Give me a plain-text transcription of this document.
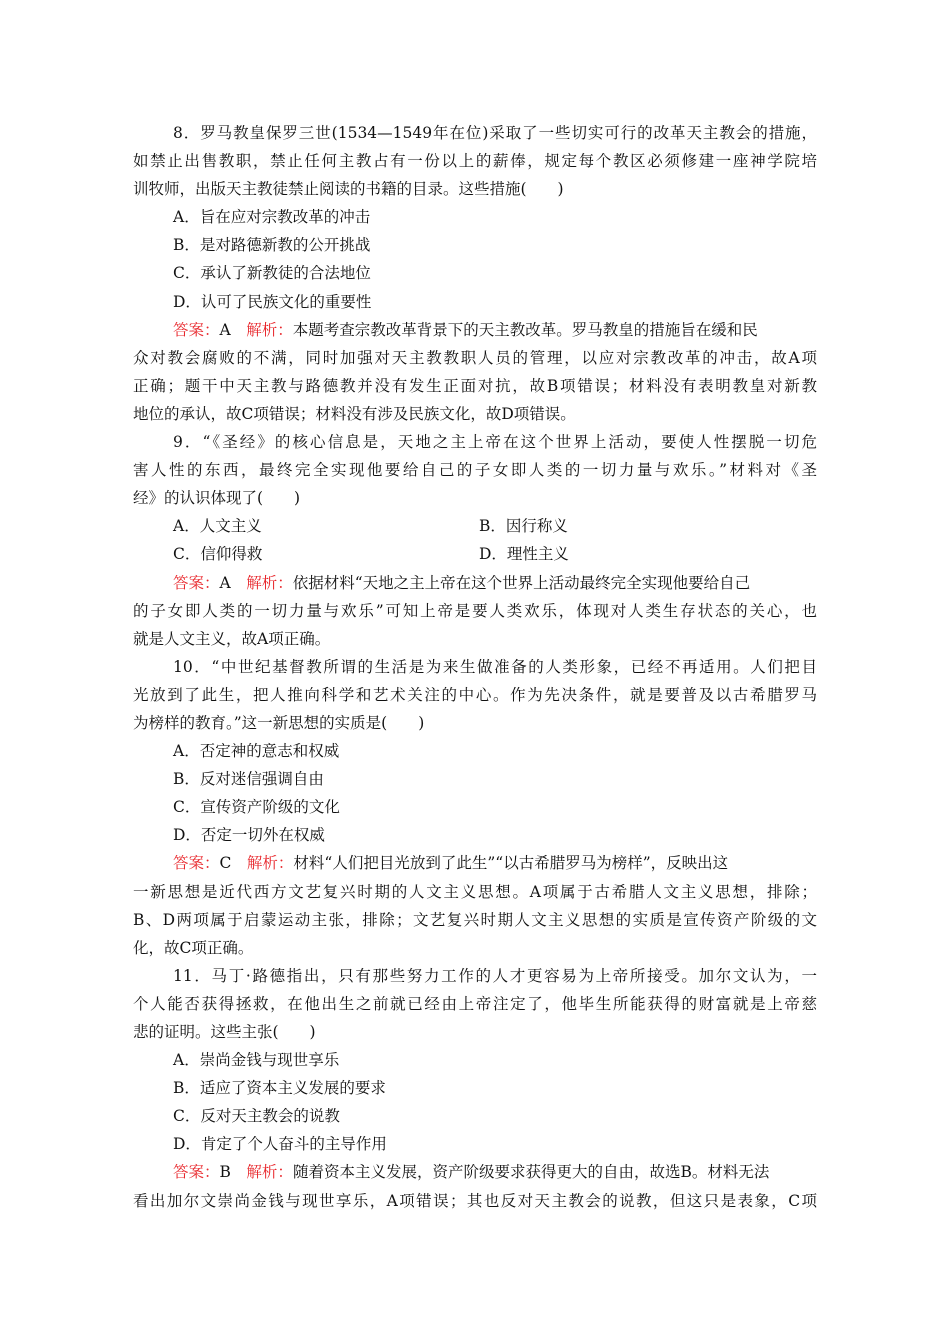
8．罗马教皇保罗三世(1534—1549年在位)采取了一些切实可行的改革天主教会的措施，
如禁止出售教职，禁止任何主教占有一份以上的薪俸，规定每个教区必须修建一座神学院培
训牧师，出版天主教徒禁止阅读的书籍的目录。这些措施(　　)
A．旨在应对宗教改革的冲击
B．是对路德新教的公开挑战
C．承认了新教徒的合法地位
D．认可了民族文化的重要性
答案：A　 解析：本题考查宗教改革背景下的天主教改革。罗马教皇的措施旨在缓和民
众对教会腐败的不满，同时加强对天主教教职人员的管理，以应对宗教改革的冲击，故A项
正确；题干中天主教与路德教并没有发生正面对抗，故B项错误；材料没有表明教皇对新教
地位的承认，故C项错误；材料没有涉及民族文化，故D项错误。
9．“《圣经》的核心信息是，天地之主上帝在这个世界上活动，要使人性摆脱一切危
害人性的东西，最终完全实现他要给自己的子女即人类的一切力量与欢乐。”材料对《圣
经》的认识体现了(　　)
A．人文主义	B．因行称义
C．信仰得救	D．理性主义
答案：A　 解析：依据材料“天地之主上帝在这个世界上活动最终完全实现他要给自己
的子女即人类的一切力量与欢乐”可知上帝是要人类欢乐，体现对人类生存状态的关心，也
就是人文主义，故A项正确。
10．“中世纪基督教所谓的生活是为来生做准备的人类形象，已经不再适用。人们把目
光放到了此生，把人推向科学和艺术关注的中心。作为先决条件，就是要普及以古希腊罗马
为榜样的教育。”这一新思想的实质是(　　)
A．否定神的意志和权威
B．反对迷信强调自由
C．宣传资产阶级的文化
D．否定一切外在权威
答案：C　 解析：材料“人们把目光放到了此生”“以古希腊罗马为榜样”，反映出这
一新思想是近代西方文艺复兴时期的人文主义思想。A项属于古希腊人文主义思想，排除；
B、D两项属于启蒙运动主张，排除；文艺复兴时期人文主义思想的实质是宣传资产阶级的文
化，故C项正确。
11．马丁·路德指出，只有那些努力工作的人才更容易为上帝所接受。加尔文认为，一
个人能否获得拯救，在他出生之前就已经由上帝注定了，他毕生所能获得的财富就是上帝慈
悲的证明。这些主张(　　)
A．崇尚金钱与现世享乐
B．适应了资本主义发展的要求
C．反对天主教会的说教
D．肯定了个人奋斗的主导作用
答案：B　 解析：随着资本主义发展，资产阶级要求获得更大的自由，故选B。材料无法
看出加尔文崇尚金钱与现世享乐，A项错误；其也反对天主教会的说教，但这只是表象，C项
